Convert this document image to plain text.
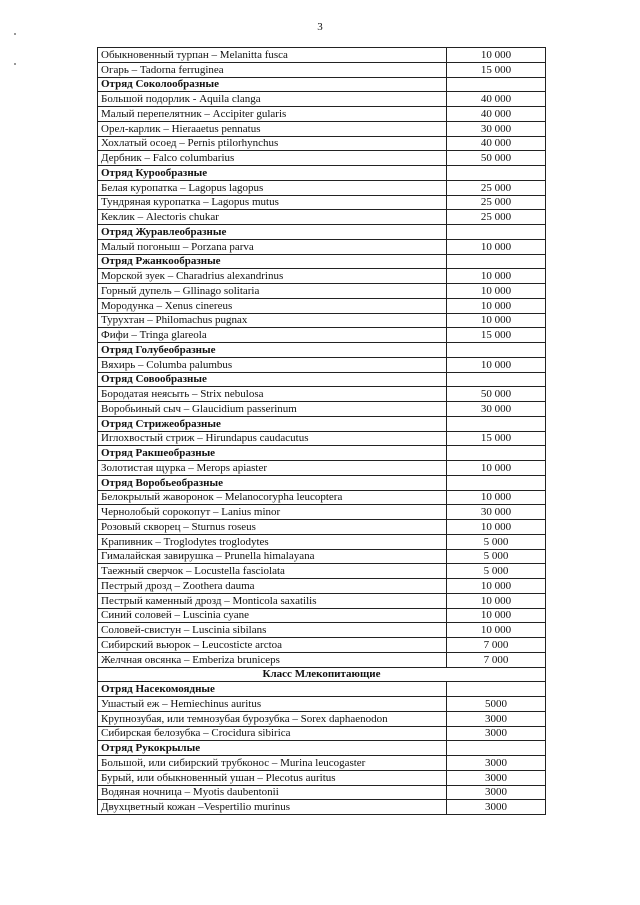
3
Обыкновенный турпан – Melanitta fusca	10 000
Огарь – Tadorna ferruginea	15 000
Отряд Соколообразные	
Большой подорлик - Aquila clanga	40 000
Малый перепелятник – Accipiter gularis	40 000
Орел-карлик – Hieraaetus pennatus	30 000
Хохлатый осоед – Pernis ptilorhynchus	40 000
Дербник – Falco columbarius	50 000
Отряд Курообразные	
Белая куропатка – Lagopus lagopus	25 000
Тундряная куропатка – Lagopus mutus	25 000
Кеклик – Alectoris chukar	25 000
Отряд Журавлеобразные	
Малый погоныш – Porzana parva	10 000
Отряд Ржанкообразные	
Морской зуек – Charadrius alexandrinus	10 000
Горный дупель – Gllinago solitaria	10 000
Мородунка – Xenus cinereus	10 000
Турухтан – Philomachus pugnax	10 000
Фифи – Tringa glareola	15 000
Отряд Голубеобразные	
Вяхирь – Columba palumbus	10 000
Отряд Совообразные	
Бородатая неясыть – Strix nebulosa	50 000
Воробьиный сыч – Glaucidium passerinum	30 000
Отряд Стрижеобразные	
Иглохвостый стриж – Hirundapus caudacutus	15 000
Отряд Ракшеобразные	
Золотистая щурка – Merops apiaster	10 000
Отряд Воробьеобразные	
Белокрылый жаворонок – Melanocorypha leucoptera	10 000
Чернолобый сорокопут – Lanius minor	30 000
Розовый скворец – Sturnus roseus	10 000
Крапивник – Troglodytes troglodytes	5 000
Гималайская завирушка – Prunella himalayana	5 000
Таежный сверчок – Locustella fasciolata	5 000
Пестрый дрозд – Zoothera dauma	10 000
Пестрый каменный дрозд – Monticola saxatilis	10 000
Синий соловей – Luscinia cyane	10 000
Соловей-свистун – Luscinia sibilans	10 000
Сибирский вьюрок – Leucosticte arctoa	7 000
Желчная овсянка – Emberiza bruniceps	7 000
Класс Млекопитающие	
Отряд Насекомоядные	
Ушастый еж – Hemiechinus auritus	5000
Крупнозубая, или темнозубая бурозубка – Sorex daphaenodon	3000
Сибирская белозубка – Crocidura sibirica	3000
Отряд Рукокрылые	
Большой, или сибирский трубконос – Murina leucogaster	3000
Бурый, или обыкновенный ушан – Plecotus auritus	3000
Водяная ночница – Myotis daubentonii	3000
Двухцветный кожан –Vespertilio murinus	3000
